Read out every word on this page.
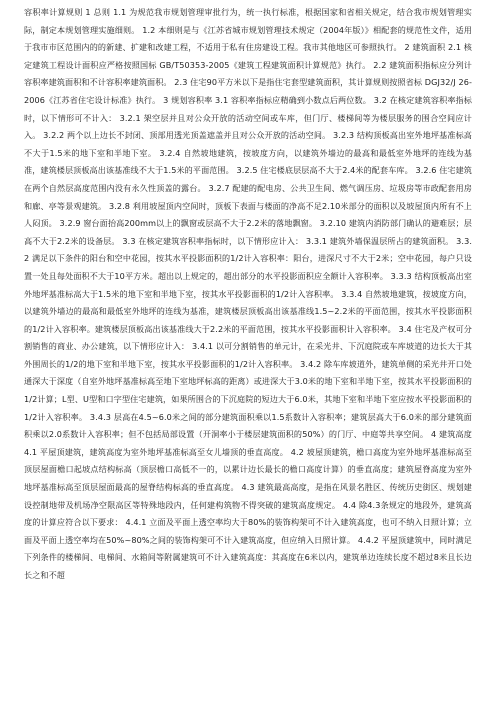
容积率计算规则 1 总则 1.1 为规范我市规划管理审批行为，统一执行标准，根据国家和省相关规定，结合我市规划管理实际，制定本规划管理实施细则。 1.2 本细则是与《江苏省城市规划管理技术规定（2004年版）》相配套的规范性文件，适用于我市市区范围内的的新建、扩建和改建工程，不适用于私有住房建设工程。我市其他地区可参照执行。 2 建筑面积 2.1 核定建筑工程设计面积应严格按照国标 GB/T50353-2005《建筑工程建筑面积计算规范》执行。 2.2 建筑面积指标应分列计容积率建筑面积和不计容积率建筑面积。 2.3 住宅90平方米以下是指住宅套型建筑面积，其计算规则按照省标 DGJ32/J 26-2006《江苏省住宅设计标准》执行。 3 规划容积率 3.1 容积率指标应精确到小数点后两位数。 3.2 在核定建筑容积率指标时，以下情形可不计入： 3.2.1 架空层并且对公众开放的活动空间或车库，但门厅、楼梯间等为楼层服务的围合空间应计入。 3.2.2 两个以上边长不封闭、顶部用透光顶盖遮盖并且对公众开放的活动空间。 3.2.3 结构顶板高出室外地坪基准标高不大于1.5米的地下室和半地下室。 3.2.4 自然坡地建筑，按坡度方向，以建筑外墙边的最高和最低室外地坪的连线为基准，建筑楼层顶板高出该基准线不大于1.5米的平面范围。 3.2.5 住宅楼底层层高不大于2.4米的配套车库。 3.2.6 住宅建筑在两个自然层高度范围内没有永久性顶盖的露台。 3.2.7 配建的配电房、公共卫生间、燃气调压房、垃圾房等市政配套用房和廊、亭等景观建筑。 3.2.8 利用坡屋顶内空间时，顶板下表面与楼面的净高不足2.10米部分的面积以及坡屋顶内所有不上人闷顶。 3.2.9 窗台面抬高200mm以上的飘窗或层高不大于2.2米的落地飘窗。 3.2.10 建筑内消防部门确认的避难层；层高不大于2.2米的设备层。 3.3 在核定建筑容积率指标时，以下情形应计入： 3.3.1 建筑外墙保温层所占的建筑面积。 3.3.2 满足以下条件的阳台和空中花园，按其水平投影面积的1/2计入容积率：阳台，进深尺寸不大于2米；空中花园，每户只设置一处且每处面积不大于10平方米。超出以上规定的，超出部分的水平投影面积应全额计入容积率。 3.3.3 结构顶板高出室外地坪基准标高大于1.5米的地下室和半地下室，按其水平投影面积的1/2计入容积率。 3.3.4 自然坡地建筑，按坡度方向，以建筑外墙边的最高和最低室外地坪的连线为基准，建筑楼层顶板高出该基准线1.5~2.2米的平面范围，按其水平投影面积的1/2计入容积率。建筑楼层顶板高出该基准线大于2.2米的平面范围，按其水平投影面积计入容积率。 3.4 住宅及产权可分割销售的商业、办公建筑，以下情形应计入： 3.4.1 以可分割销售的单元计，在采光井、下沉庭院或车库坡道的边长大于其外围周长的1/2的地下室和半地下室，按其水平投影面积的1/2计入容积率。 3.4.2 除车库坡道外，建筑单侧的采光井开口处通深大于深度（自室外地坪基准标高至地下室地坪标高的距离）或进深大于3.0米的地下室和半地下室，按其水平投影面积的1/2计算；L型、U型和口字型住宅建筑，如果所围合的下沉庭院的短边大于6.0米，其地下室和半地下室应按水平投影面积的1/2计入容积率。 3.4.3 层高在4.5~6.0米之间的部分建筑面积乘以1.5系数计入容积率；建筑层高大于6.0米的部分建筑面积乘以2.0系数计入容积率；但不包括局部设置（开洞率小于楼层建筑面积的50%）的门厅、中庭等共享空间。 4 建筑高度 4.1 平屋顶建筑，建筑高度为室外地坪基准标高至女儿墙顶的垂直高度。 4.2 坡屋顶建筑，檐口高度为室外地坪基准标高至顶层屋面檐口起坡点结构标高（顶层檐口高低不一的，以累计边长最长的檐口高度计算）的垂直高度；建筑屋脊高度为室外地坪基准标高至顶层屋面最高的屋脊结构标高的垂直高度。 4.3 建筑最高高度，是指在风景名胜区、传统历史街区、规划建设控制地带及机场净空限高区等特殊地段内，任何建构筑物不得突破的建筑高度规定。 4.4 除4.3条规定的地段外，建筑高度的计算应符合以下要求： 4.4.1 立面及平面上透空率均大于80%的装饰构架可不计入建筑高度，也可不纳入日照计算；立面及平面上透空率均在50%~80%之间的装饰构架可不计入建筑高度，但应纳入日照计算。 4.4.2 平屋顶建筑中，同时满足下列条件的楼梯间、电梯间、水箱间等附属建筑可不计入建筑高度：其高度在6米以内，建筑单边连续长度不超过8米且长边长之和不超
